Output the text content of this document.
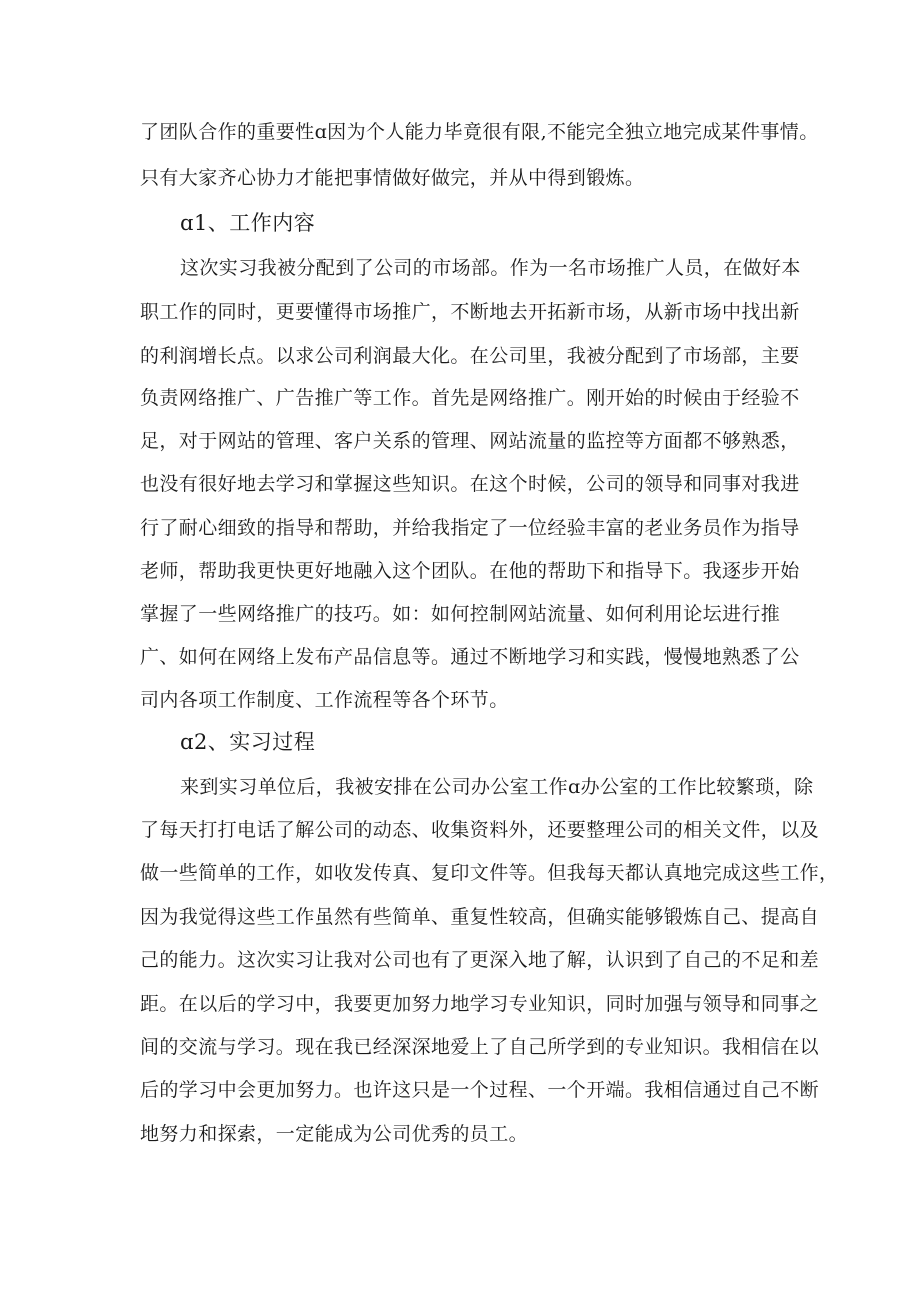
了团队合作的重要性ɑ因为个人能力毕竟很有限,不能完全独立地完成某件事情。
只有大家齐心协力才能把事情做好做完，并从中得到锻炼。
ɑ1、工作内容
这次实习我被分配到了公司的市场部。作为一名市场推广人员，在做好本
职工作的同时，更要懂得市场推广，不断地去开拓新市场，从新市场中找出新
的利润增长点。以求公司利润最大化。在公司里，我被分配到了市场部，主要
负责网络推广、广告推广等工作。首先是网络推广。刚开始的时候由于经验不
足，对于网站的管理、客户关系的管理、网站流量的监控等方面都不够熟悉，
也没有很好地去学习和掌握这些知识。在这个时候，公司的领导和同事对我进
行了耐心细致的指导和帮助，并给我指定了一位经验丰富的老业务员作为指导
老师，帮助我更快更好地融入这个团队。在他的帮助下和指导下。我逐步开始
掌握了一些网络推广的技巧。如：如何控制网站流量、如何利用论坛进行推
广、如何在网络上发布产品信息等。通过不断地学习和实践，慢慢地熟悉了公
司内各项工作制度、工作流程等各个环节。
ɑ2、实习过程
来到实习单位后，我被安排在公司办公室工作ɑ办公室的工作比较繁琐，除
了每天打打电话了解公司的动态、收集资料外，还要整理公司的相关文件，以及
做一些简单的工作，如收发传真、复印文件等。但我每天都认真地完成这些工作，
因为我觉得这些工作虽然有些简单、重复性较高，但确实能够锻炼自己、提高自
己的能力。这次实习让我对公司也有了更深入地了解，认识到了自己的不足和差
距。在以后的学习中，我要更加努力地学习专业知识，同时加强与领导和同事之
间的交流与学习。现在我已经深深地爱上了自己所学到的专业知识。我相信在以
后的学习中会更加努力。也许这只是一个过程、一个开端。我相信通过自己不断
地努力和探索，一定能成为公司优秀的员工。
